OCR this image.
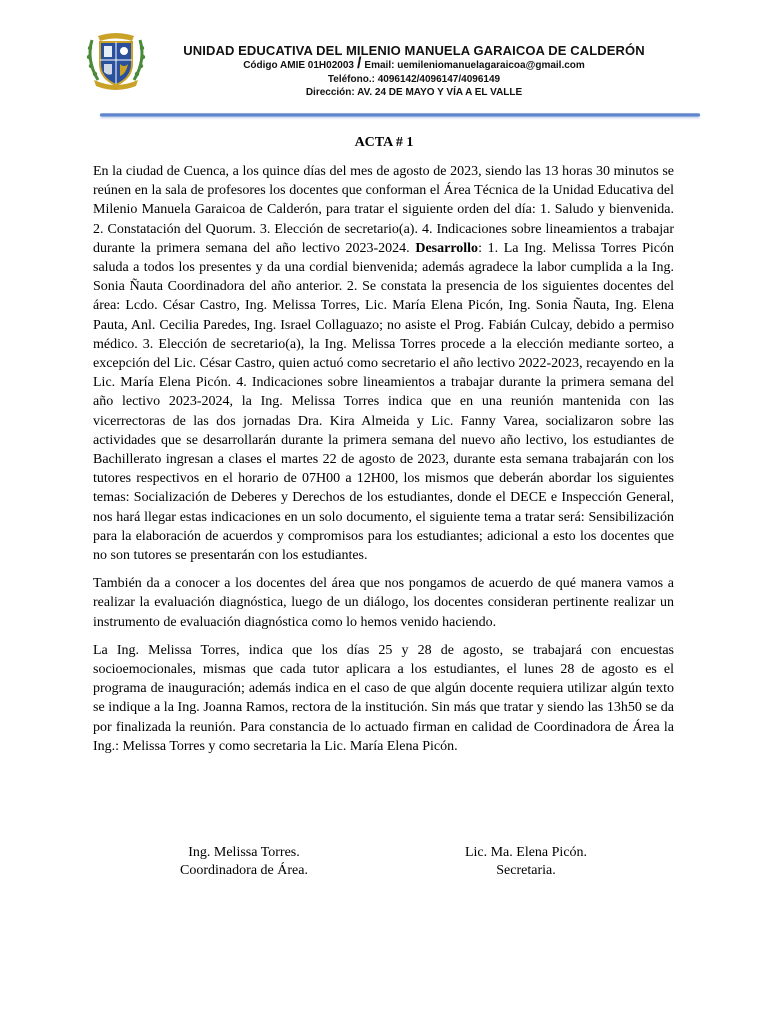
UNIDAD EDUCATIVA DEL MILENIO MANUELA GARAICOA DE CALDERÓN
Código AMIE 01H02003 / Email: uemileniomanuelagaraicoa@gmail.com
Teléfono.: 4096142/4096147/4096149
Dirección: AV. 24 DE MAYO Y VÍA A EL VALLE
ACTA # 1

En la ciudad de Cuenca, a los quince días del mes de agosto de 2023, siendo las 13 horas 30 minutos se reúnen en la sala de profesores los docentes que conforman el Área Técnica de la Unidad Educativa del Milenio Manuela Garaicoa de Calderón, para tratar el siguiente orden del día: 1. Saludo y bienvenida. 2. Constatación del Quorum. 3. Elección de secretario(a). 4. Indicaciones sobre lineamientos a trabajar durante la primera semana del año lectivo 2023-2024. Desarrollo: 1. La Ing. Melissa Torres Picón saluda a todos los presentes y da una cordial bienvenida; además agradece la labor cumplida a la Ing. Sonia Ñauta Coordinadora del año anterior. 2. Se constata la presencia de los siguientes docentes del área: Lcdo. César Castro, Ing. Melissa Torres, Lic. María Elena Picón, Ing. Sonia Ñauta, Ing. Elena Pauta, Anl. Cecilia Paredes, Ing. Israel Collaguazo; no asiste el Prog. Fabián Culcay, debido a permiso médico. 3. Elección de secretario(a), la Ing. Melissa Torres procede a la elección mediante sorteo, a excepción del Lic. César Castro, quien actuó como secretario el año lectivo 2022-2023, recayendo en la Lic. María Elena Picón. 4. Indicaciones sobre lineamientos a trabajar durante la primera semana del año lectivo 2023-2024, la Ing. Melissa Torres indica que en una reunión mantenida con las vicerrectoras de las dos jornadas Dra. Kira Almeida y Lic. Fanny Varea, socializaron sobre las actividades que se desarrollarán durante la primera semana del nuevo año lectivo, los estudiantes de Bachillerato ingresan a clases el martes 22 de agosto de 2023, durante esta semana trabajarán con los tutores respectivos en el horario de 07H00 a 12H00, los mismos que deberán abordar los siguientes temas: Socialización de Deberes y Derechos de los estudiantes, donde el DECE e Inspección General, nos hará llegar estas indicaciones en un solo documento, el siguiente tema a tratar será: Sensibilización para la elaboración de acuerdos y compromisos para los estudiantes; adicional a esto los docentes que no son tutores se presentarán con los estudiantes.

También da a conocer a los docentes del área que nos pongamos de acuerdo de qué manera vamos a realizar la evaluación diagnóstica, luego de un diálogo, los docentes consideran pertinente realizar un instrumento de evaluación diagnóstica como lo hemos venido haciendo.

La Ing. Melissa Torres, indica que los días 25 y 28 de agosto, se trabajará con encuestas socioemocionales, mismas que cada tutor aplicara a los estudiantes, el lunes 28 de agosto es el programa de inauguración; además indica en el caso de que algún docente requiera utilizar algún texto se indique a la Ing. Joanna Ramos, rectora de la institución. Sin más que tratar y siendo las 13h50 se da por finalizada la reunión. Para constancia de lo actuado firman en calidad de Coordinadora de Área la Ing.: Melissa Torres y como secretaria la Lic. María Elena Picón.

Ing. Melissa Torres.
Coordinadora de Área.
Lic. Ma. Elena Picón.
Secretaria.
